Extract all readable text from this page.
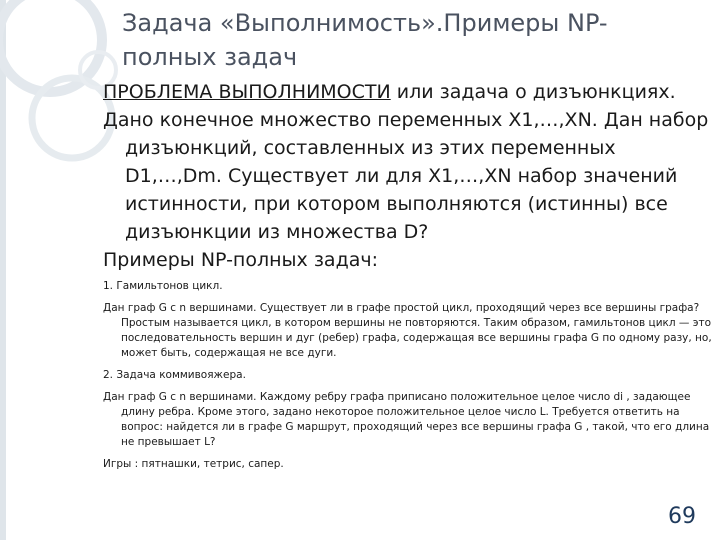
Задача «Выполнимость».Примеры NP-полных задач

ПРОБЛЕМА ВЫПОЛНИМОСТИ или задача о дизъюнкциях.

Дано конечное множество переменных X1,…,XN. Дан набор дизъюнкций, составленных из этих переменных D1,…,Dm. Существует ли для X1,…,XN набор значений истинности, при котором выполняются (истинны) все дизъюнкции из множества D?

Примеры NP-полных задач:

1. Гамильтонов цикл.

Дан граф G с n вершинами. Существует ли в графе простой цикл, проходящий через все вершины графа? Простым называется цикл, в котором вершины не повторяются. Таким образом, гамильтонов цикл — это последовательность вершин и дуг (ребер) графа, содержащая все вершины графа G по одному разу, но, может быть, содержащая не все дуги.

2. Задача коммивояжера.

Дан граф G с n вершинами. Каждому ребру графа приписано положительное целое число di , задающее длину ребра. Кроме этого, задано некоторое положительное целое число L. Требуется ответить на вопрос: найдется ли в графе G маршрут, проходящий через все вершины графа G , такой, что его длина не превышает L?

Игры : пятнашки, тетрис, сапер.

69
